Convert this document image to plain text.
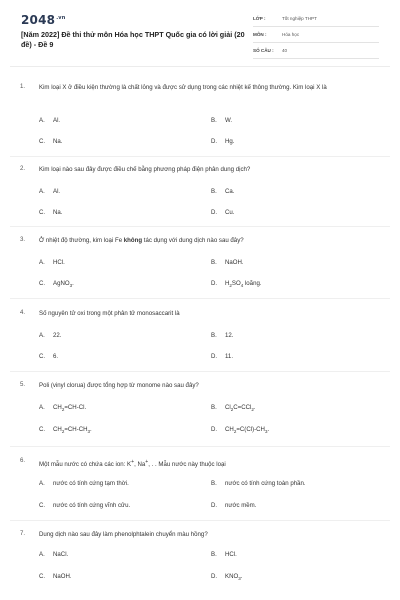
$2048^{.vn}$
[Năm 2022] Đề thi thử môn Hóa học THPT Quốc gia có lời giải (20 đề) - Đề 9
LỚP :	Tốt nghiệp THPT
MÔN :	Hóa học
SỐ CÂU : 40
1. Kim loại X ở điều kiện thường là chất lỏng và được sử dụng trong các nhiệt kế thông thường. Kim loại X là
A. Al.	B. W.
C. Na.	D. Hg.
2. Kim loại nào sau đây được điều chế bằng phương pháp điện phân dung dịch?
A. Al.	B. Ca.
C. Na.	D. Cu.
3. Ở nhiệt độ thường, kim loại Fe không tác dụng với dung dịch nào sau đây?
A. HCl.	B. NaOH.
C. AgNO$_3$.	D. $H_2SO_4$ loãng.
4. Số nguyên tử oxi trong một phân tử monosaccarit là
A. 22.	B. 12.
C. 6.	D. 11.
5. Poli (vinyl clorua) được tổng hợp từ monome nào sau đây?
A. $CH_2=CH-Cl$.	B. $Cl_2C=CCl_2$.
C. $CH_2=CH-CH_3$.	D. $CH_2=C(Cl)-CH_3$.
6.
Một mẫu nước có chứa các ion: K+, Na+, . . Mẫu nước này thuộc loại
A. nước có tính cứng tạm thời.	B. nước có tính cứng toàn phần.
C. nước có tính cứng vĩnh cửu.	D. nước mềm.
7. Dung dịch nào sau đây làm phenolphtalein chuyển màu hồng?
A. NaCl.	B. HCl.
C. NaOH.	D. $KNO_3$.
